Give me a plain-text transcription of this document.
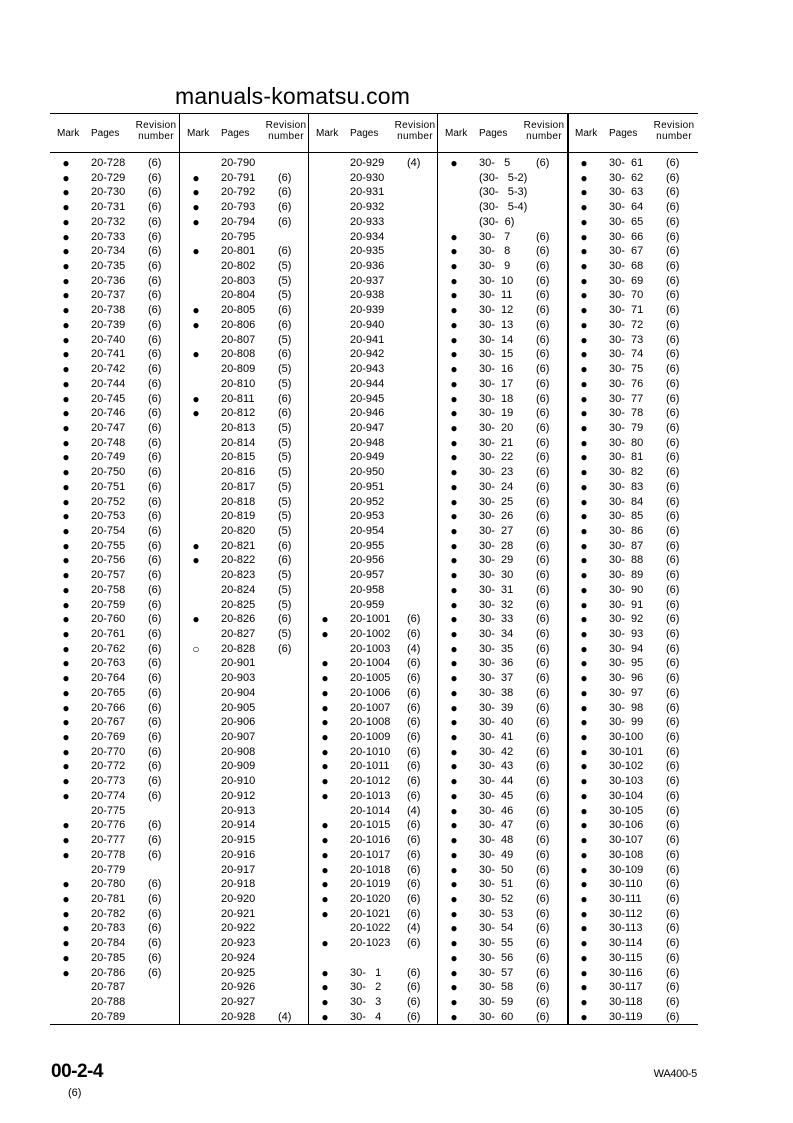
manuals-komatsu.com
Mark Pages
Revision number
● 20-728 (6)
● 20-729 (6)
● 20-730 (6)
● 20-731 (6)
● 20-732 (6)
● 20-733 (6)
● 20-734 (6)
● 20-735 (6)
● 20-736 (6)
● 20-737 (6)
● 20-738 (6)
● 20-739 (6)
● 20-740 (6)
● 20-741 (6)
● 20-742 (6)
● 20-744 (6)
● 20-745 (6)
● 20-746 (6)
● 20-747 (6)
● 20-748 (6)
● 20-749 (6)
● 20-750 (6)
● 20-751 (6)
● 20-752 (6)
● 20-753 (6)
● 20-754 (6)
● 20-755 (6)
● 20-756 (6)
● 20-757 (6)
● 20-758 (6)
● 20-759 (6)
● 20-760 (6)
● 20-761 (6)
● 20-762 (6)
● 20-763 (6)
● 20-764 (6)
● 20-765 (6)
● 20-766 (6)
● 20-767 (6)
● 20-769 (6)
● 20-770 (6)
● 20-772 (6)
● 20-773 (6)
● 20-774 (6)
20-775
● 20-776 (6)
● 20-777 (6)
● 20-778 (6)
20-779
● 20-780 (6)
● 20-781 (6)
● 20-782 (6)
● 20-783 (6)
● 20-784 (6)
● 20-785 (6)
● 20-786 (6)
20-787
20-788
20-789
Mark Pages
Revision number
20-790
● 20-791 (6)
● 20-792 (6)
● 20-793 (6)
● 20-794 (6)
20-795
● 20-801 (6)
20-802 (5)
20-803 (5)
20-804 (5)
● 20-805 (6)
● 20-806 (6)
20-807 (5)
● 20-808 (6)
20-809 (5)
20-810 (5)
● 20-811 (6)
● 20-812 (6)
20-813 (5)
20-814 (5)
20-815 (5)
20-816 (5)
20-817 (5)
20-818 (5)
20-819 (5)
20-820 (5)
● 20-821 (6)
● 20-822 (6)
20-823 (5)
20-824 (5)
20-825 (5)
● 20-826 (6)
20-827 (5)
○ 20-828 (6)
20-901
20-903
20-904
20-905
20-906
20-907
20-908
20-909
20-910
20-912
20-913
20-914
20-915
20-916
20-917
20-918
20-920
20-921
20-922
20-923
20-924
20-925
20-926
20-927
20-928 (4)
Mark Pages
Revision number
20-929 (4)
20-930
20-931
20-932
20-933
20-934
20-935
20-936
20-937
20-938
20-939
20-940
20-941
20-942
20-943
20-944
20-945
20-946
20-947
20-948
20-949
20-950
20-951
20-952
20-953
20-954
20-955
20-956
20-957
20-958
20-959
● 20-1001 (6)
● 20-1002 (6)
20-1003 (4)
● 20-1004 (6)
● 20-1005 (6)
● 20-1006 (6)
● 20-1007 (6)
● 20-1008 (6)
● 20-1009 (6)
● 20-1010 (6)
● 20-1011 (6)
● 20-1012 (6)
● 20-1013 (6)
20-1014 (4)
● 20-1015 (6)
● 20-1016 (6)
● 20-1017 (6)
● 20-1018 (6)
● 20-1019 (6)
● 20-1020 (6)
● 20-1021 (6)
20-1022 (4)
● 20-1023 (6)
● 30-   1 (6)
● 30-   2 (6)
● 30-   3 (6)
● 30-   4 (6)
Mark Pages
Revision number
● 30-   5 (6)
(30-   5-2)
(30-   5-3)
(30-   5-4)
(30-  6)
● 30-   7 (6)
● 30-   8 (6)
● 30-   9 (6)
● 30-  10 (6)
● 30-  11 (6)
● 30-  12 (6)
● 30-  13 (6)
● 30-  14 (6)
● 30-  15 (6)
● 30-  16 (6)
● 30-  17 (6)
● 30-  18 (6)
● 30-  19 (6)
● 30-  20 (6)
● 30-  21 (6)
● 30-  22 (6)
● 30-  23 (6)
● 30-  24 (6)
● 30-  25 (6)
● 30-  26 (6)
● 30-  27 (6)
● 30-  28 (6)
● 30-  29 (6)
● 30-  30 (6)
● 30-  31 (6)
● 30-  32 (6)
● 30-  33 (6)
● 30-  34 (6)
● 30-  35 (6)
● 30-  36 (6)
● 30-  37 (6)
● 30-  38 (6)
● 30-  39 (6)
● 30-  40 (6)
● 30-  41 (6)
● 30-  42 (6)
● 30-  43 (6)
● 30-  44 (6)
● 30-  45 (6)
● 30-  46 (6)
● 30-  47 (6)
● 30-  48 (6)
● 30-  49 (6)
● 30-  50 (6)
● 30-  51 (6)
● 30-  52 (6)
● 30-  53 (6)
● 30-  54 (6)
● 30-  55 (6)
● 30-  56 (6)
● 30-  57 (6)
● 30-  58 (6)
● 30-  59 (6)
● 30-  60 (6)
Mark Pages
Revision number
● 30-  61 (6)
● 30-  62 (6)
● 30-  63 (6)
● 30-  64 (6)
● 30-  65 (6)
● 30-  66 (6)
● 30-  67 (6)
● 30-  68 (6)
● 30-  69 (6)
● 30-  70 (6)
● 30-  71 (6)
● 30-  72 (6)
● 30-  73 (6)
● 30-  74 (6)
● 30-  75 (6)
● 30-  76 (6)
● 30-  77 (6)
● 30-  78 (6)
● 30-  79 (6)
● 30-  80 (6)
● 30-  81 (6)
● 30-  82 (6)
● 30-  83 (6)
● 30-  84 (6)
● 30-  85 (6)
● 30-  86 (6)
● 30-  87 (6)
● 30-  88 (6)
● 30-  89 (6)
● 30-  90 (6)
● 30-  91 (6)
● 30-  92 (6)
● 30-  93 (6)
● 30-  94 (6)
● 30-  95 (6)
● 30-  96 (6)
● 30-  97 (6)
● 30-  98 (6)
● 30-  99 (6)
● 30-100 (6)
● 30-101 (6)
● 30-102 (6)
● 30-103 (6)
● 30-104 (6)
● 30-105 (6)
● 30-106 (6)
● 30-107 (6)
● 30-108 (6)
● 30-109 (6)
● 30-110 (6)
● 30-111 (6)
● 30-112 (6)
● 30-113 (6)
● 30-114 (6)
● 30-115 (6)
● 30-116 (6)
● 30-117 (6)
● 30-118 (6)
● 30-119 (6)
00-2-4
(6)
WA400-5
